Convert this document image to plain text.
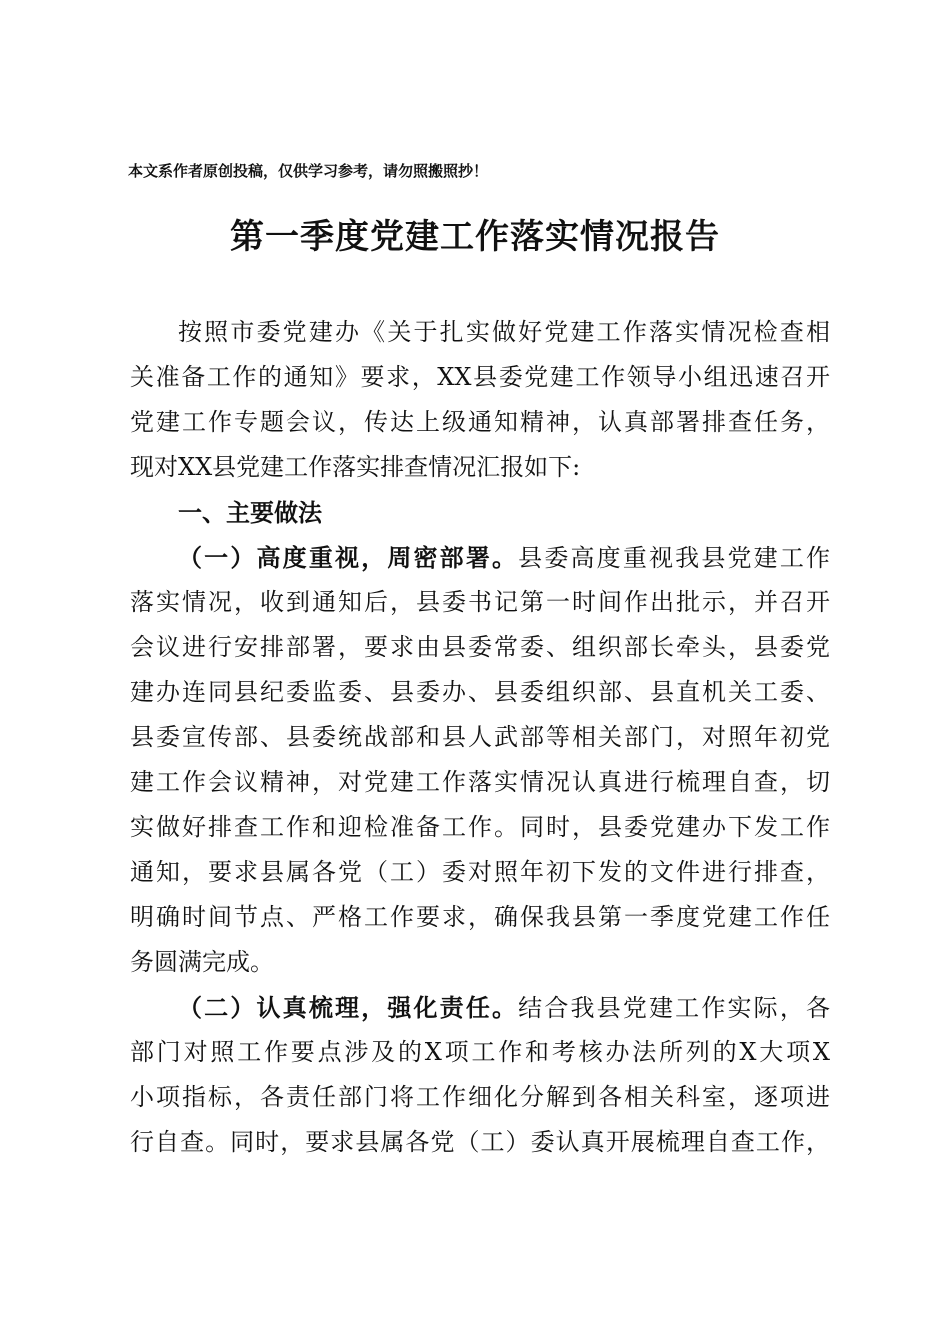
本文系作者原创投稿，仅供学习参考，请勿照搬照抄！
第一季度党建工作落实情况报告
按照市委党建办《关于扎实做好党建工作落实情况检查相
关准备工作的通知》要求，XX县委党建工作领导小组迅速召开
党建工作专题会议，传达上级通知精神，认真部署排查任务，
现对XX县党建工作落实排查情况汇报如下:
一、主要做法
（一）高度重视，周密部署。县委高度重视我县党建工作
落实情况，收到通知后，县委书记第一时间作出批示，并召开
会议进行安排部署，要求由县委常委、组织部长牵头，县委党
建办连同县纪委监委、县委办、县委组织部、县直机关工委、
县委宣传部、县委统战部和县人武部等相关部门，对照年初党
建工作会议精神，对党建工作落实情况认真进行梳理自查，切
实做好排查工作和迎检准备工作。同时，县委党建办下发工作
通知，要求县属各党（工）委对照年初下发的文件进行排查，
明确时间节点、严格工作要求，确保我县第一季度党建工作任
务圆满完成。
（二）认真梳理，强化责任。结合我县党建工作实际，各
部门对照工作要点涉及的X项工作和考核办法所列的X大项X
小项指标，各责任部门将工作细化分解到各相关科室，逐项进
行自查。同时，要求县属各党（工）委认真开展梳理自查工作，
